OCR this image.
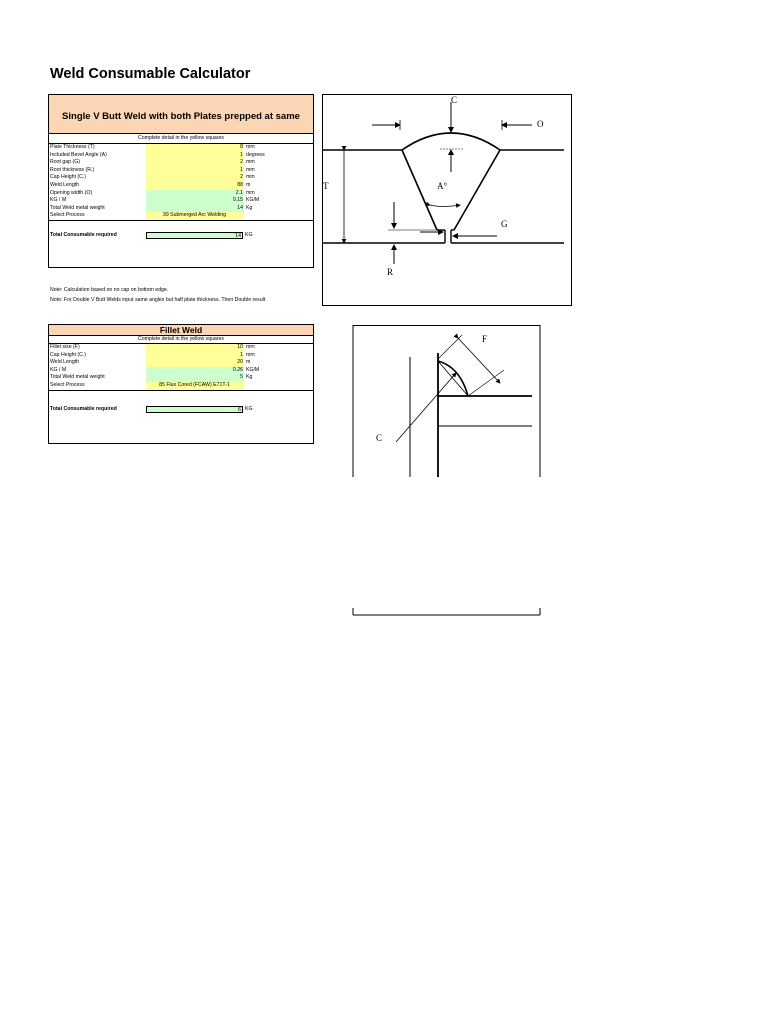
Weld Consumable Calculator
Single V Butt Weld with both Plates prepped at same
Complete detail in the yellow squares
Plate Thickness (T)	8 mm
Included Bevel Angle (A)	1 degrees
Root gap (G)	2 mm
Root thickness (R.)	1 mm
Cap Height (C.)	2 mm
Weld Length	88 m
Opening width (O)	2.1 mm
KG / M	0.15 KG/M
Total Weld metal weight	14 Kg
Select Process	99 Submerged Arc Welding
Total Consumable required	14 KG
Note: Calculation based on no cap on bottom edge.
Note: For Double V Butt Welds input same angles but half plate thickness. Then Double result
Fillet Weld
Complete detail in the yellow squares
Fillet size (F)	10 mm
Cap Height (C.)	1 mm
Weld Length	20 m
KG / M	0.26 KG/M
Total Weld metal weight	5 Kg
Select Process	85 Flux Cored (FCAW) E71T-1
Total Consumable required	6 KG
C
O
T	A°
G
R
F
C
